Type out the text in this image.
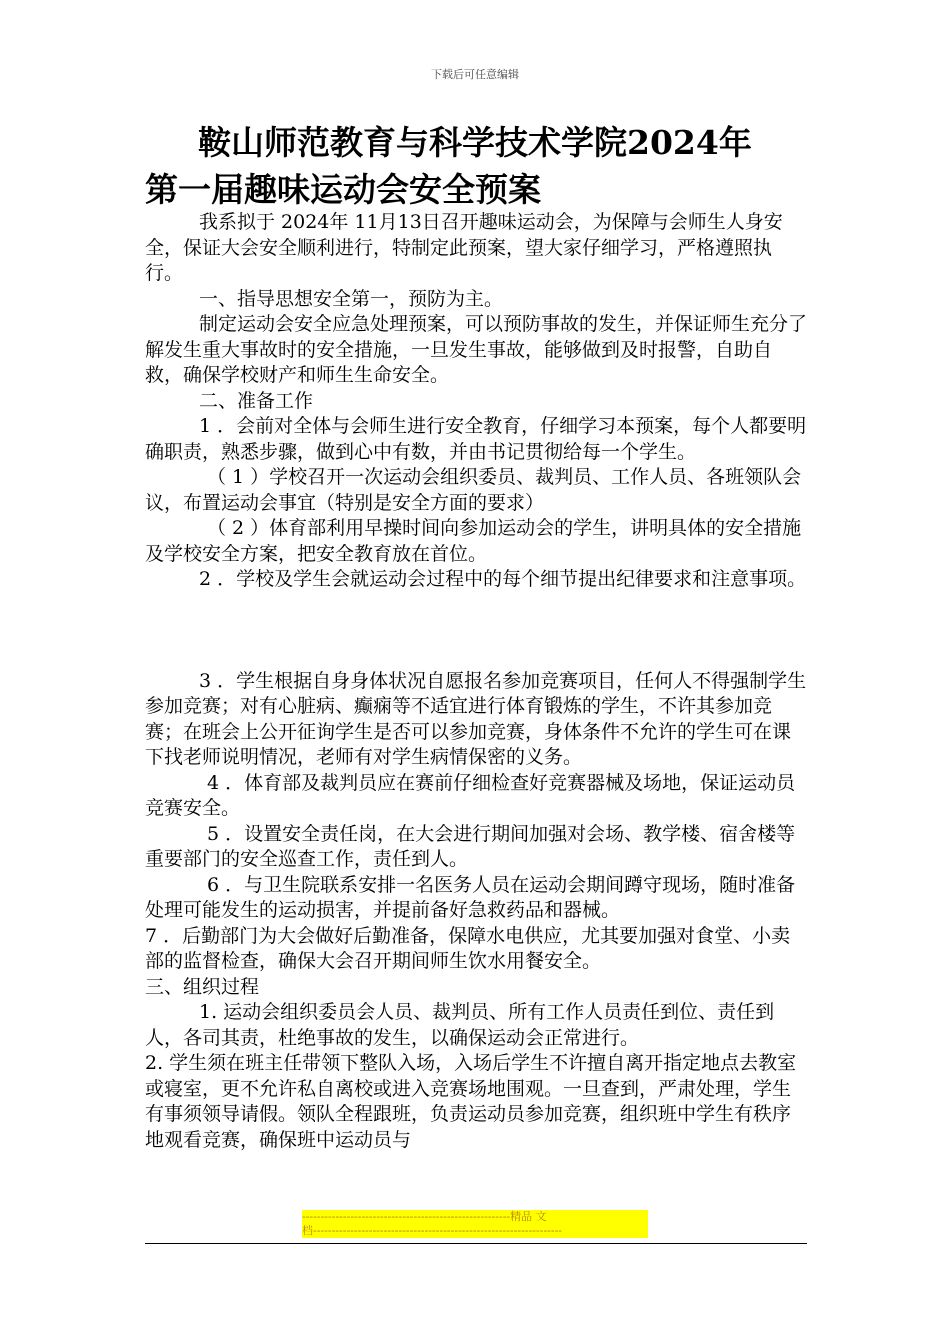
下载后可任意编辑
鞍山师范教育与科学技术学院2024年
第一届趣味运动会安全预案

我系拟于 2024年 11月13日召开趣味运动会，为保障与会师生人身安全，保证大会安全顺利进行，特制定此预案，望大家仔细学习，严格遵照执行。

一、指导思想安全第一，预防为主。

制定运动会安全应急处理预案，可以预防事故的发生，并保证师生充分了解发生重大事故时的安全措施，一旦发生事故，能够做到及时报警，自助自救，确保学校财产和师生生命安全。

二、准备工作

1 ．会前对全体与会师生进行安全教育，仔细学习本预案，每个人都要明确职责，熟悉步骤，做到心中有数，并由书记贯彻给每一个学生。

（ 1 ）学校召开一次运动会组织委员、裁判员、工作人员、各班领队会议，布置运动会事宜（特别是安全方面的要求）

（ 2 ）体育部利用早操时间向参加运动会的学生，讲明具体的安全措施及学校安全方案，把安全教育放在首位。

2 ．学校及学生会就运动会过程中的每个细节提出纪律要求和注意事项。

3 ．学生根据自身身体状况自愿报名参加竞赛项目，任何人不得强制学生参加竞赛；对有心脏病、癫痫等不适宜进行体育锻炼的学生，不许其参加竞赛；在班会上公开征询学生是否可以参加竞赛，身体条件不允许的学生可在课下找老师说明情况，老师有对学生病情保密的义务。

4 ．体育部及裁判员应在赛前仔细检查好竞赛器械及场地，保证运动员竞赛安全。

5 ．设置安全责任岗，在大会进行期间加强对会场、教学楼、宿舍楼等重要部门的安全巡查工作，责任到人。

6 ．与卫生院联系安排一名医务人员在运动会期间蹲守现场，随时准备处理可能发生的运动损害，并提前备好急救药品和器械。

7 ．后勤部门为大会做好后勤准备，保障水电供应，尤其要加强对食堂、小卖部的监督检查，确保大会召开期间师生饮水用餐安全。

三、组织过程

1. 运动会组织委员会人员、裁判员、所有工作人员责任到位、责任到人，各司其责，杜绝事故的发生，以确保运动会正常进行。

2. 学生须在班主任带领下整队入场，入场后学生不许擅自离开指定地点去教室或寝室，更不允许私自离校或进入竞赛场地围观。一旦查到，严肃处理，学生有事须领导请假。领队全程跟班，负责运动员参加竞赛，组织班中学生有秩序地观看竞赛，确保班中运动员与

--------------------------------------------------------精品 文
档-------------------------------------------------------------------
